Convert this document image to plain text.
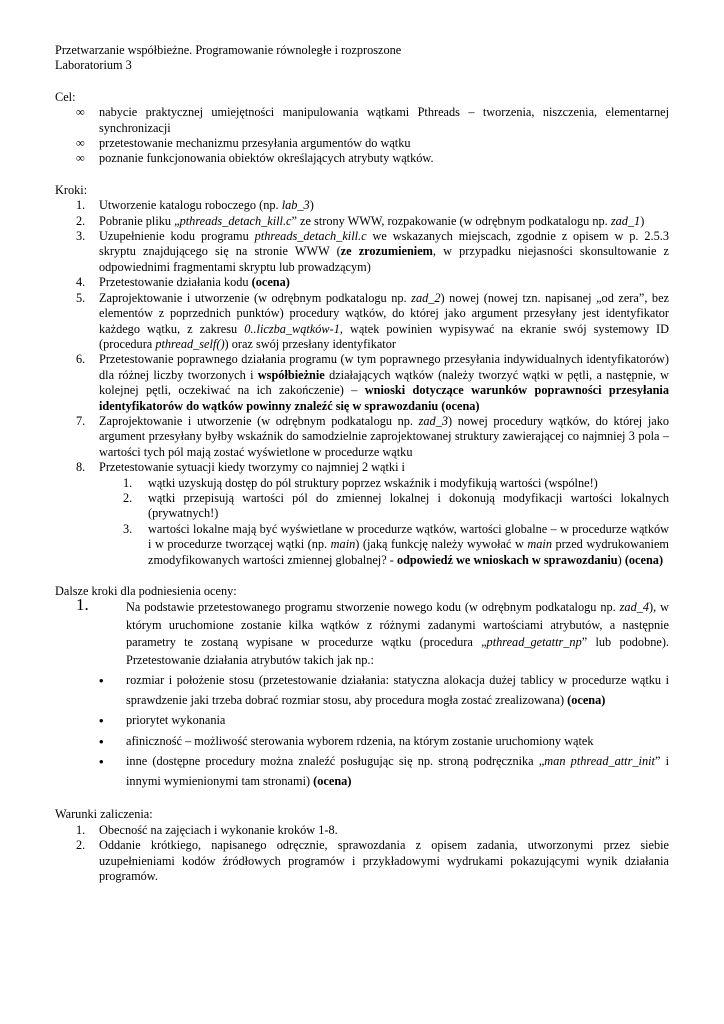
Przetwarzanie współbieżne. Programowanie równoległe i rozproszone
Laboratorium 3
Cel:
∞ nabycie praktycznej umiejętności manipulowania wątkami Pthreads – tworzenia, niszczenia, elementarnej synchronizacji
∞ przetestowanie mechanizmu przesyłania argumentów do wątku
∞ poznanie funkcjonowania obiektów określających atrybuty wątków.
Kroki:
1. Utworzenie katalogu roboczego (np. lab_3)
2. Pobranie pliku „pthreads_detach_kill.c” ze strony WWW, rozpakowanie (w odrębnym podkatalogu np. zad_1)
3. Uzupełnienie kodu programu pthreads_detach_kill.c we wskazanych miejscach, zgodnie z opisem w p. 2.5.3 skryptu znajdującego się na stronie WWW (ze zrozumieniem, w przypadku niejasności skonsultowanie z odpowiednimi fragmentami skryptu lub prowadzącym)
4. Przetestowanie działania kodu (ocena)
5. Zaprojektowanie i utworzenie (w odrębnym podkatalogu np. zad_2) nowej (nowej tzn. napisanej „od zera”, bez elementów z poprzednich punktów) procedury wątków, do której jako argument przesyłany jest identyfikator każdego wątku, z zakresu 0..liczba_wątków-1, wątek powinien wypisywać na ekranie swój systemowy ID (procedura pthread_self()) oraz swój przesłany identyfikator
6. Przetestowanie poprawnego działania programu (w tym poprawnego przesyłania indywidualnych identyfikatorów) dla różnej liczby tworzonych i współbieżnie działających wątków (należy tworzyć wątki w pętli, a następnie, w kolejnej pętli, oczekiwać na ich zakończenie) – wnioski dotyczące warunków poprawności przesyłania identyfikatorów do wątków powinny znaleźć się w sprawozdaniu (ocena)
7. Zaprojektowanie i utworzenie (w odrębnym podkatalogu np. zad_3) nowej procedury wątków, do której jako argument przesyłany byłby wskaźnik do samodzielnie zaprojektowanej struktury zawierającej co najmniej 3 pola – wartości tych pól mają zostać wyświetlone w procedurze wątku
8. Przetestowanie sytuacji kiedy tworzymy co najmniej 2 wątki i
1. wątki uzyskują dostęp do pól struktury poprzez wskaźnik i modyfikują wartości (wspólne!)
2. wątki przepisują wartości pól do zmiennej lokalnej i dokonują modyfikacji wartości lokalnych (prywatnych!)
3. wartości lokalne mają być wyświetlane w procedurze wątków, wartości globalne – w procedurze wątków i w procedurze tworzącej wątki (np. main) (jaką funkcję należy wywołać w main przed wydrukowaniem zmodyfikowanych wartości zmiennej globalnej? - odpowiedź we wnioskach w sprawozdaniu) (ocena)
Dalsze kroki dla podniesienia oceny:
1.	Na podstawie przetestowanego programu stworzenie nowego kodu (w odrębnym podkatalogu np. zad_4), w którym uruchomione zostanie kilka wątków z różnymi zadanymi wartościami atrybutów, a następnie parametry te zostaną wypisane w procedurze wątku (procedura „pthread_getattr_np” lub podobne). Przetestowanie działania atrybutów takich jak np.:
• rozmiar i położenie stosu (przetestowanie działania: statyczna alokacja dużej tablicy w procedurze wątku i sprawdzenie jaki trzeba dobrać rozmiar stosu, aby procedura mogła zostać zrealizowana) (ocena)
• priorytet wykonania
• afiniczność – możliwość sterowania wyborem rdzenia, na którym zostanie uruchomiony wątek
• inne (dostępne procedury można znaleźć posługując się np. stroną podręcznika „man pthread_attr_init” i innymi wymienionymi tam stronami) (ocena)
Warunki zaliczenia:
1. Obecność na zajęciach i wykonanie kroków 1-8.
2. Oddanie krótkiego, napisanego odręcznie, sprawozdania z opisem zadania, utworzonymi przez siebie uzupełnieniami kodów źródłowych programów i przykładowymi wydrukami pokazującymi wynik działania programów.
